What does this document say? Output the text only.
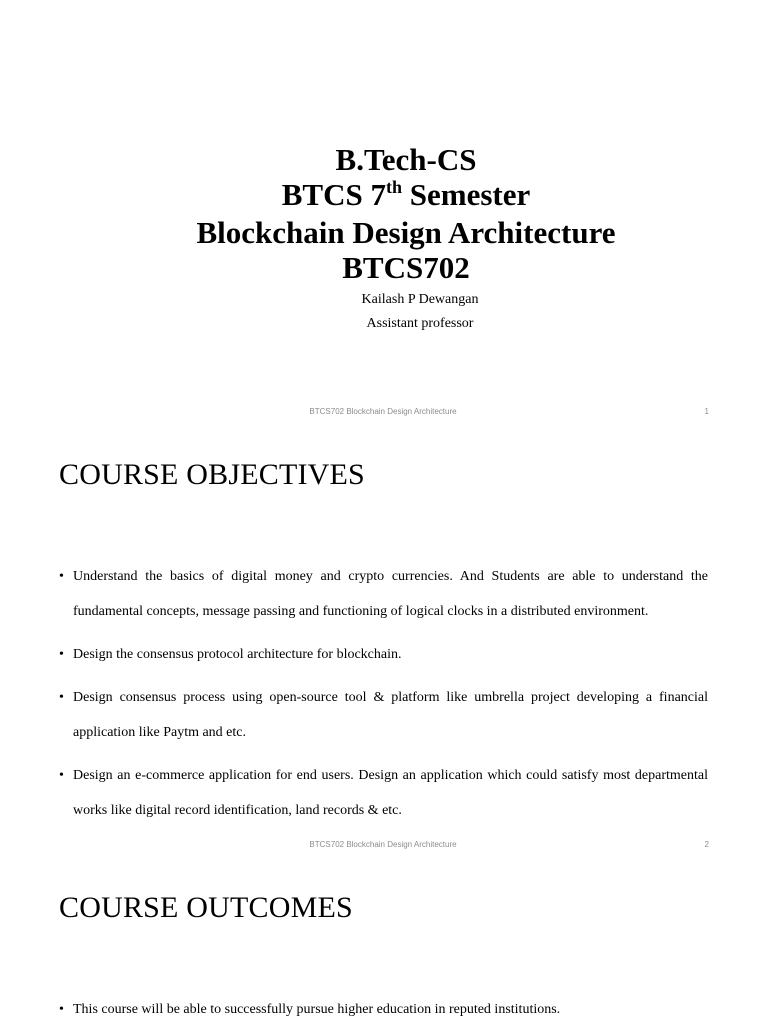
B.Tech-CS
BTCS 7th Semester
Blockchain Design Architecture
BTCS702
Kailash P Dewangan
Assistant professor
BTCS702 Blockchain Design Architecture	1
COURSE OBJECTIVES
• Understand the basics of digital money and crypto currencies. And Students are able to understand the fundamental concepts, message passing and functioning of logical clocks in a distributed environment.
• Design the consensus protocol architecture for blockchain.
• Design consensus process using open-source tool & platform like umbrella project developing a financial application like Paytm and etc.
• Design an e-commerce application for end users. Design an application which could satisfy most departmental works like digital record identification, land records & etc.
BTCS702 Blockchain Design Architecture	2
COURSE OUTCOMES
• This course will be able to successfully pursue higher education in reputed institutions.
